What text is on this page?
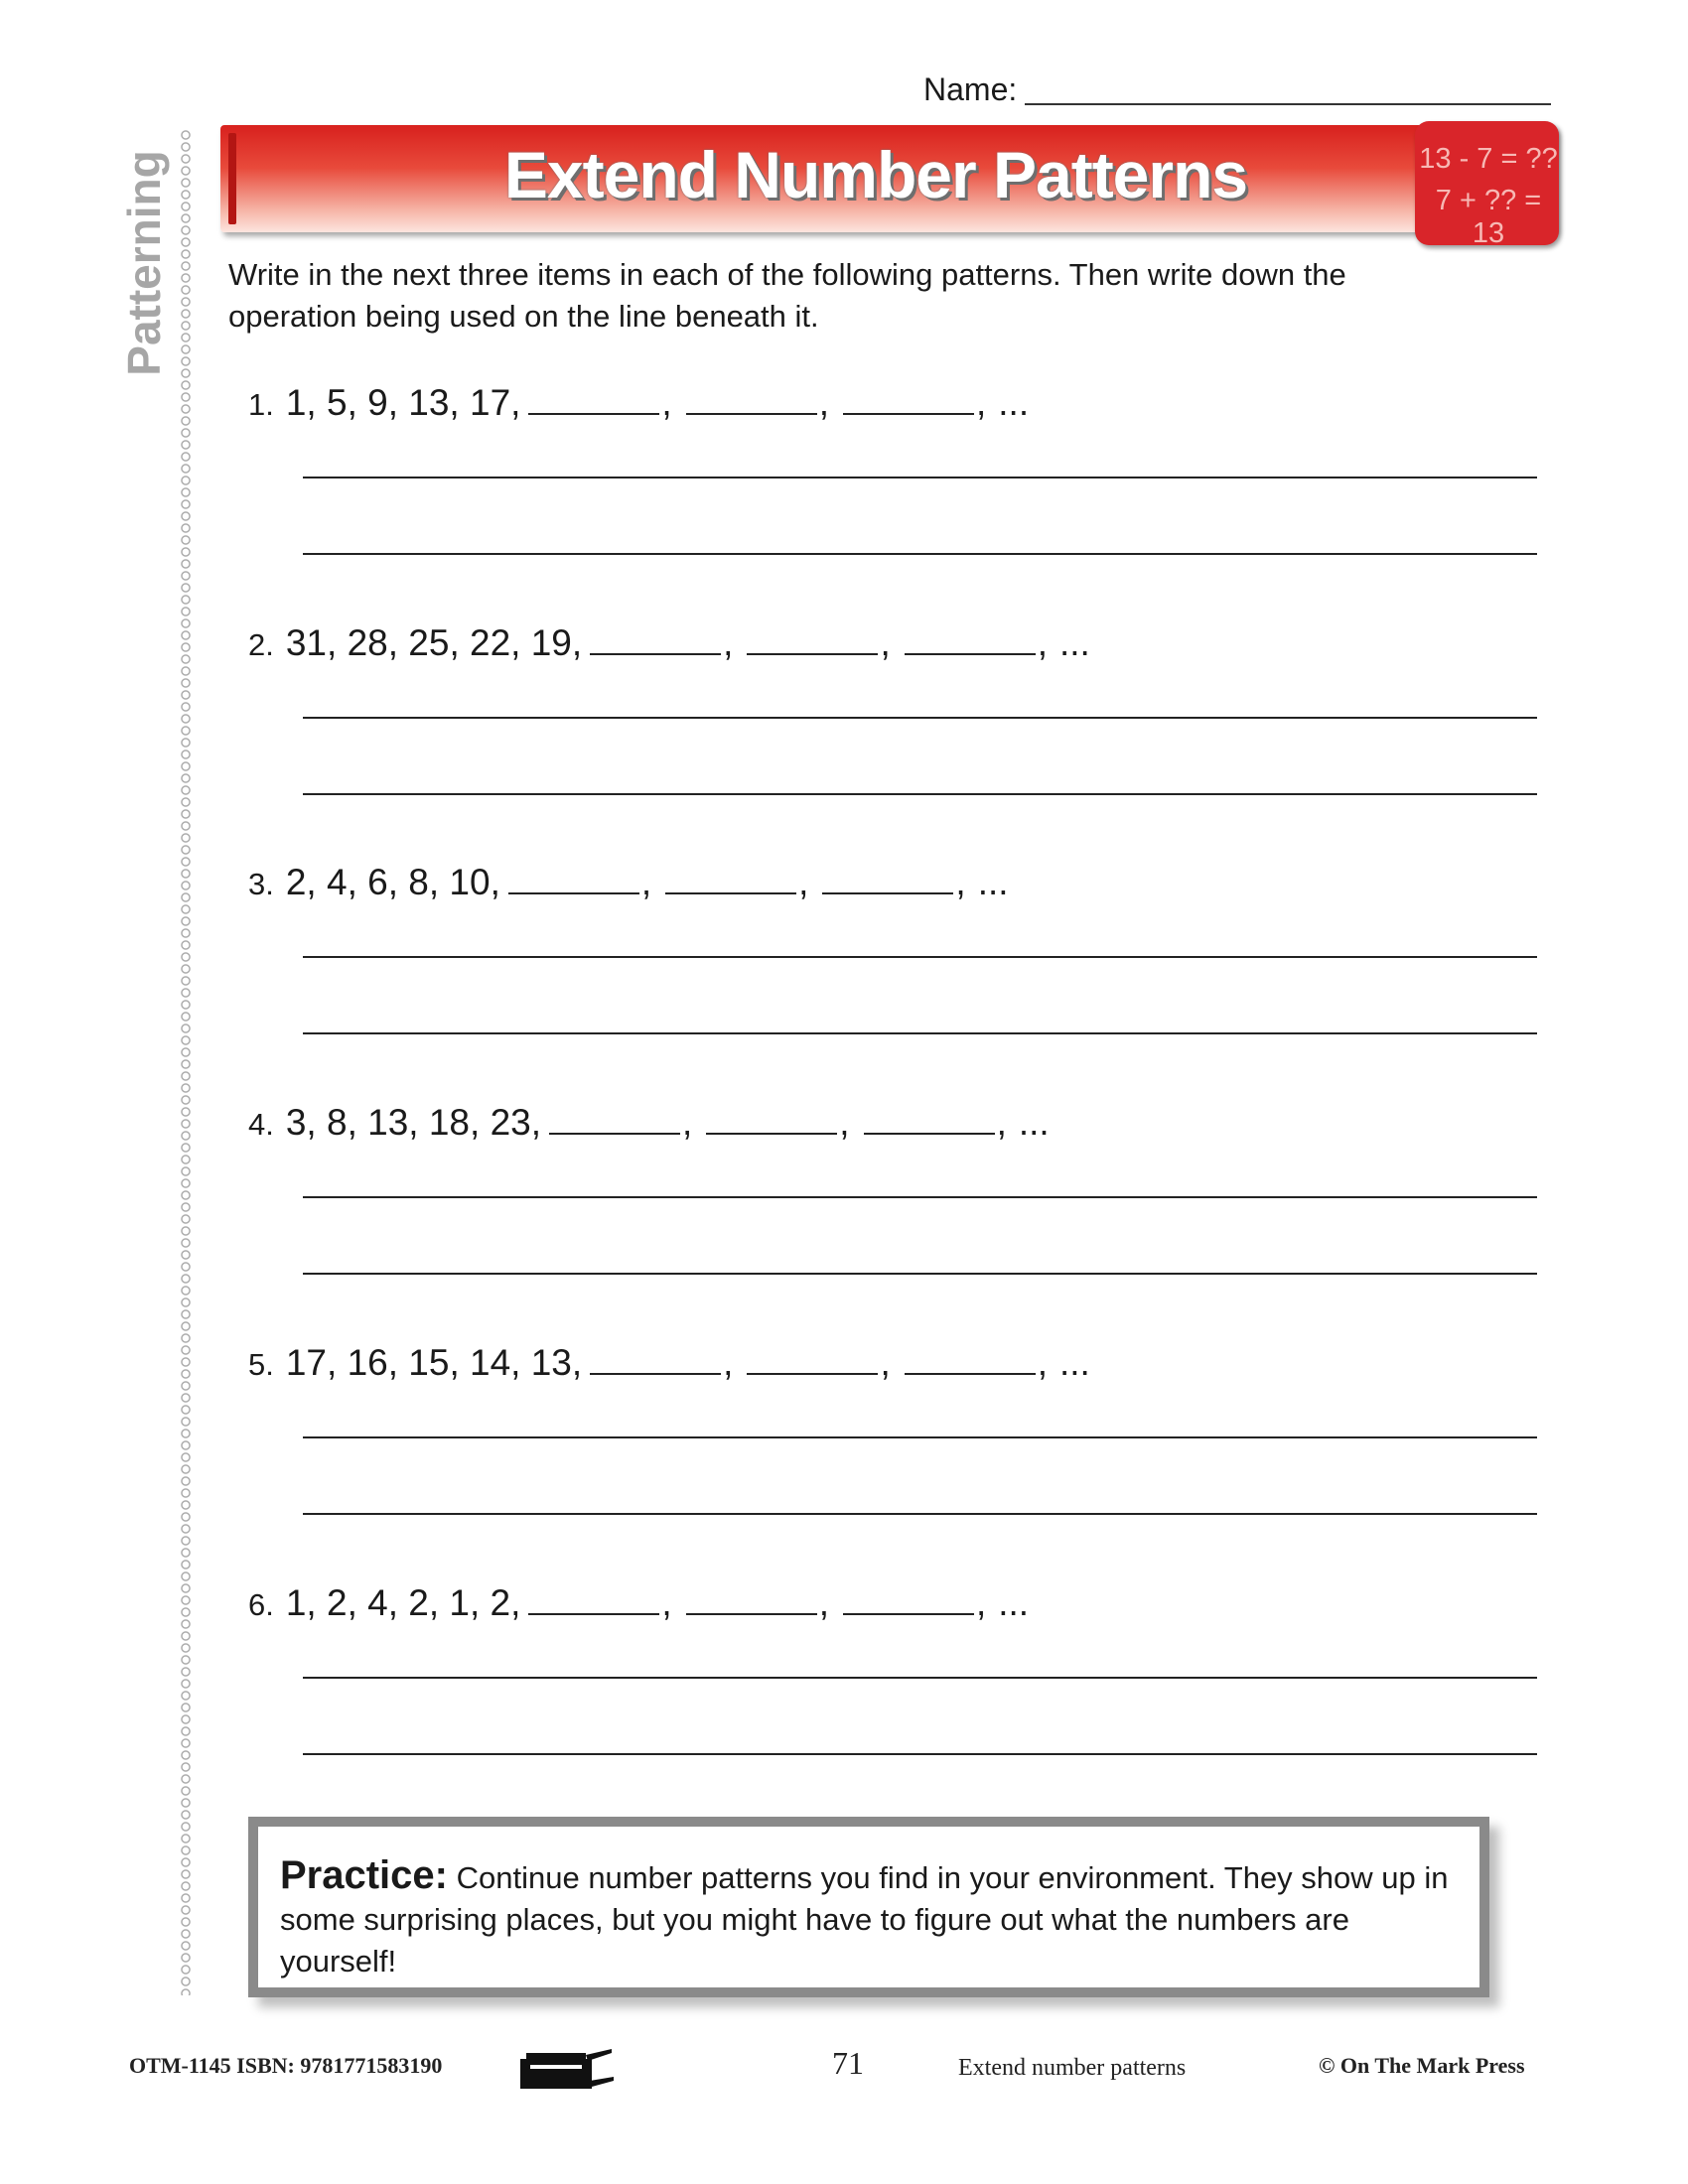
Name:
Patterning	Extend Number Patterns	13 - 7 = ??
7 + ?? = 13
Write in the next three items in each of the following patterns. Then write down the operation being used on the line beneath it.
1. 1, 5, 9, 13, 17,	,	,	, ...
2. 31, 28, 25, 22, 19,	,	,	, ...
3. 2, 4, 6, 8, 10,	,	,	, ...
4. 3, 8, 13, 18, 23,	,	,	, ...
5. 17, 16, 15, 14, 13,	,	,	, ...
6. 1, 2, 4, 2, 1, 2,	,	,	, ...
Practice: Continue number patterns you find in your environment. They show up in some surprising places, but you might have to figure out what the numbers are yourself!
OTM-1145 ISBN: 9781771583190	71	Extend number patterns	© On The Mark Press
